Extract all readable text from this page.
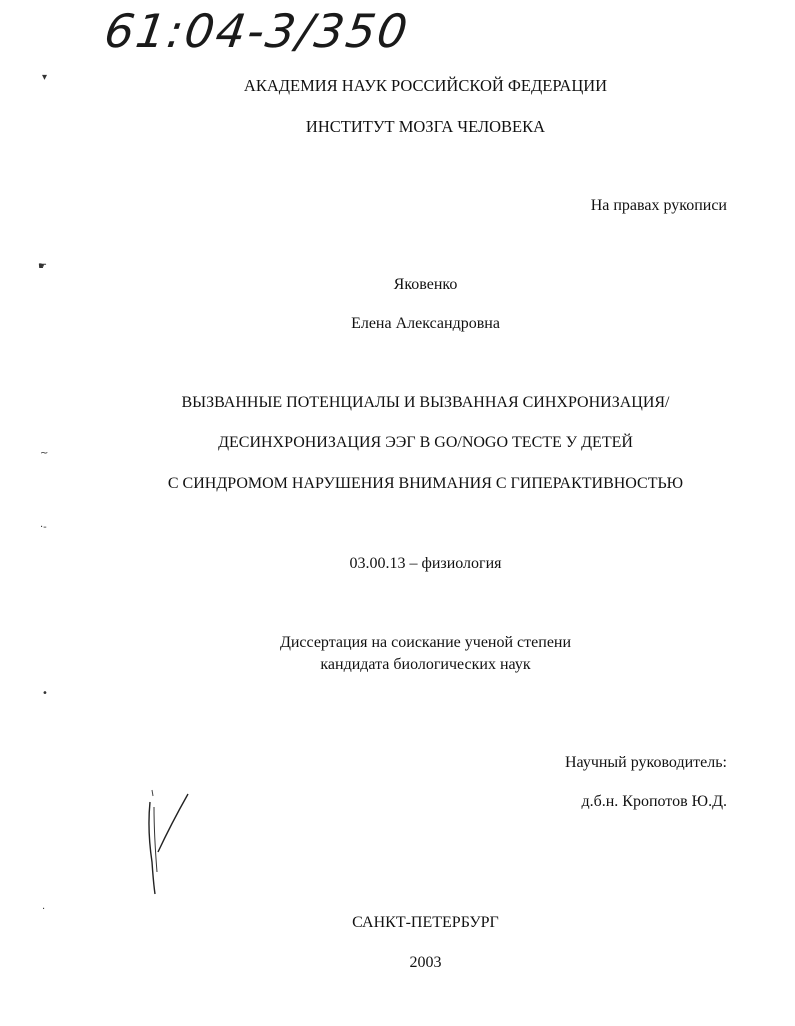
61:04-3/350
▾
☛
~
·-
•
·
АКАДЕМИЯ НАУК РОССИЙСКОЙ ФЕДЕРАЦИИ
ИНСТИТУТ МОЗГА ЧЕЛОВЕКА
На правах рукописи
Яковенко
Елена Александровна
ВЫЗВАННЫЕ ПОТЕНЦИАЛЫ И ВЫЗВАННАЯ СИНХРОНИЗАЦИЯ/
ДЕСИНХРОНИЗАЦИЯ ЭЭГ В GO/NOGO ТЕСТЕ У ДЕТЕЙ
С СИНДРОМОМ НАРУШЕНИЯ ВНИМАНИЯ С ГИПЕРАКТИВНОСТЬЮ
03.00.13 – физиология
Диссертация на соискание ученой степени
кандидата биологических наук
Научный руководитель:
д.б.н. Кропотов Ю.Д.
САНКТ-ПЕТЕРБУРГ
2003
